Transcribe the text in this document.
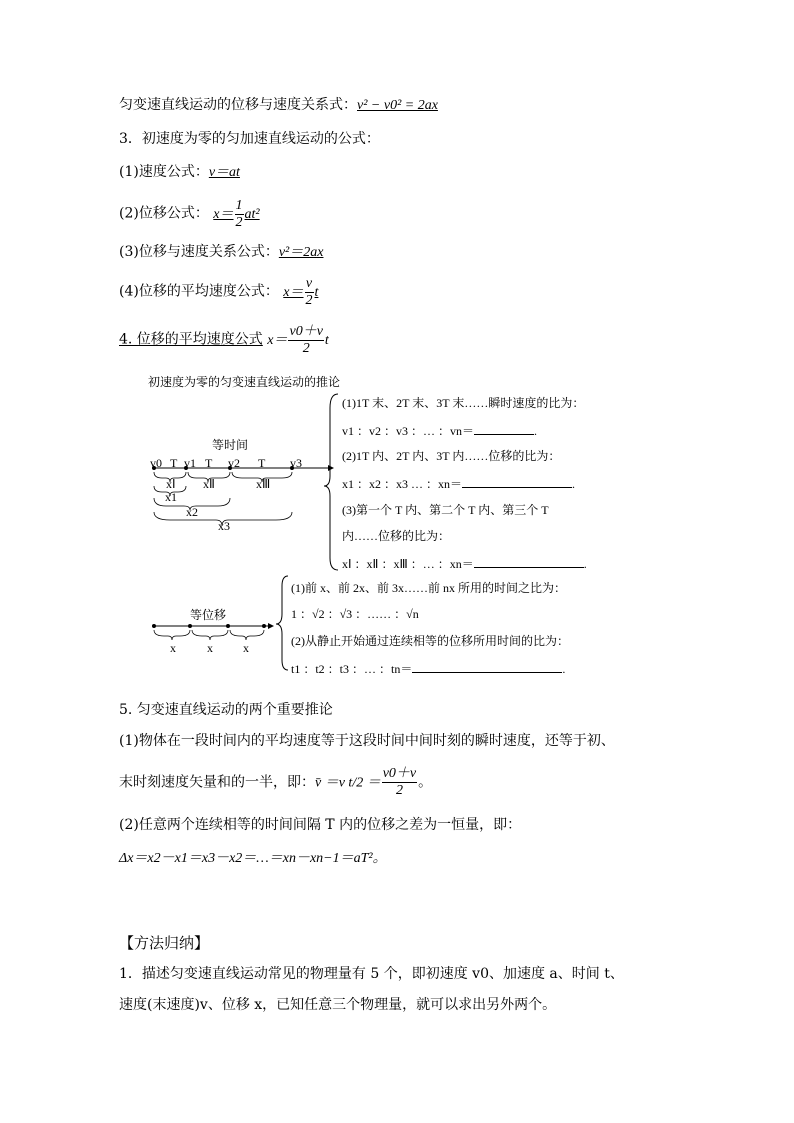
匀变速直线运动的位移与速度关系式：v² − v0² = 2ax
3．初速度为零的匀加速直线运动的公式：
(1)速度公式：v＝at
(2)位移公式： $x= \frac{1}{2} at^2$
(3)位移与速度关系公式：v²＝2ax
(4)位移的平均速度公式： $x= \frac{v}{2}$ t
4. 位移的平均速度公式 $x= \frac{v0+v}{2}$ t
初速度为零的匀变速直线运动的推论
等时间
v0 T v1 T v2 T v3
xⅠ xⅡ	xⅢ
x1
x2
x3
(1)1T 末、2T 末、3T 末……瞬时速度的比为：
v1 ：v2 ：v3 ：… ：vn＝	.
(2)1T 内、2T 内、3T 内……位移的比为：
x1 ：x2 ：x3 … ：xn＝	.
(3)第一个 T 内、第二个 T 内、第三个 T
内……位移的比为：
xⅠ ：xⅡ ：xⅢ ：… ：xn＝	.
等位移
x	x	x
(1)前 x、前 2x、前 3x……前 nx 所用的时间之比为：
1 ：√2 ：√3 ：…… ：√n
(2)从静止开始通过连续相等的位移所用时间的比为：
t1 ：t2 ：t3 ：… ：tn＝	.
5. 匀变速直线运动的两个重要推论
(1)物体在一段时间内的平均速度等于这段时间中间时刻的瞬时速度，还等于初、
末时刻速度矢量和的一半，即：v̄ ＝v $t/2 = \frac{v0+v}{2}$ 。
(2)任意两个连续相等的时间间隔 T 内的位移之差为一恒量，即：
Δx＝x2－x1＝x3－x2＝…＝xn－xn−1＝aT²。
【方法归纳】
1．描述匀变速直线运动常见的物理量有 5 个，即初速度 v0、加速度 a、时间 t、
速度(末速度)v、位移 x，已知任意三个物理量，就可以求出另外两个。
